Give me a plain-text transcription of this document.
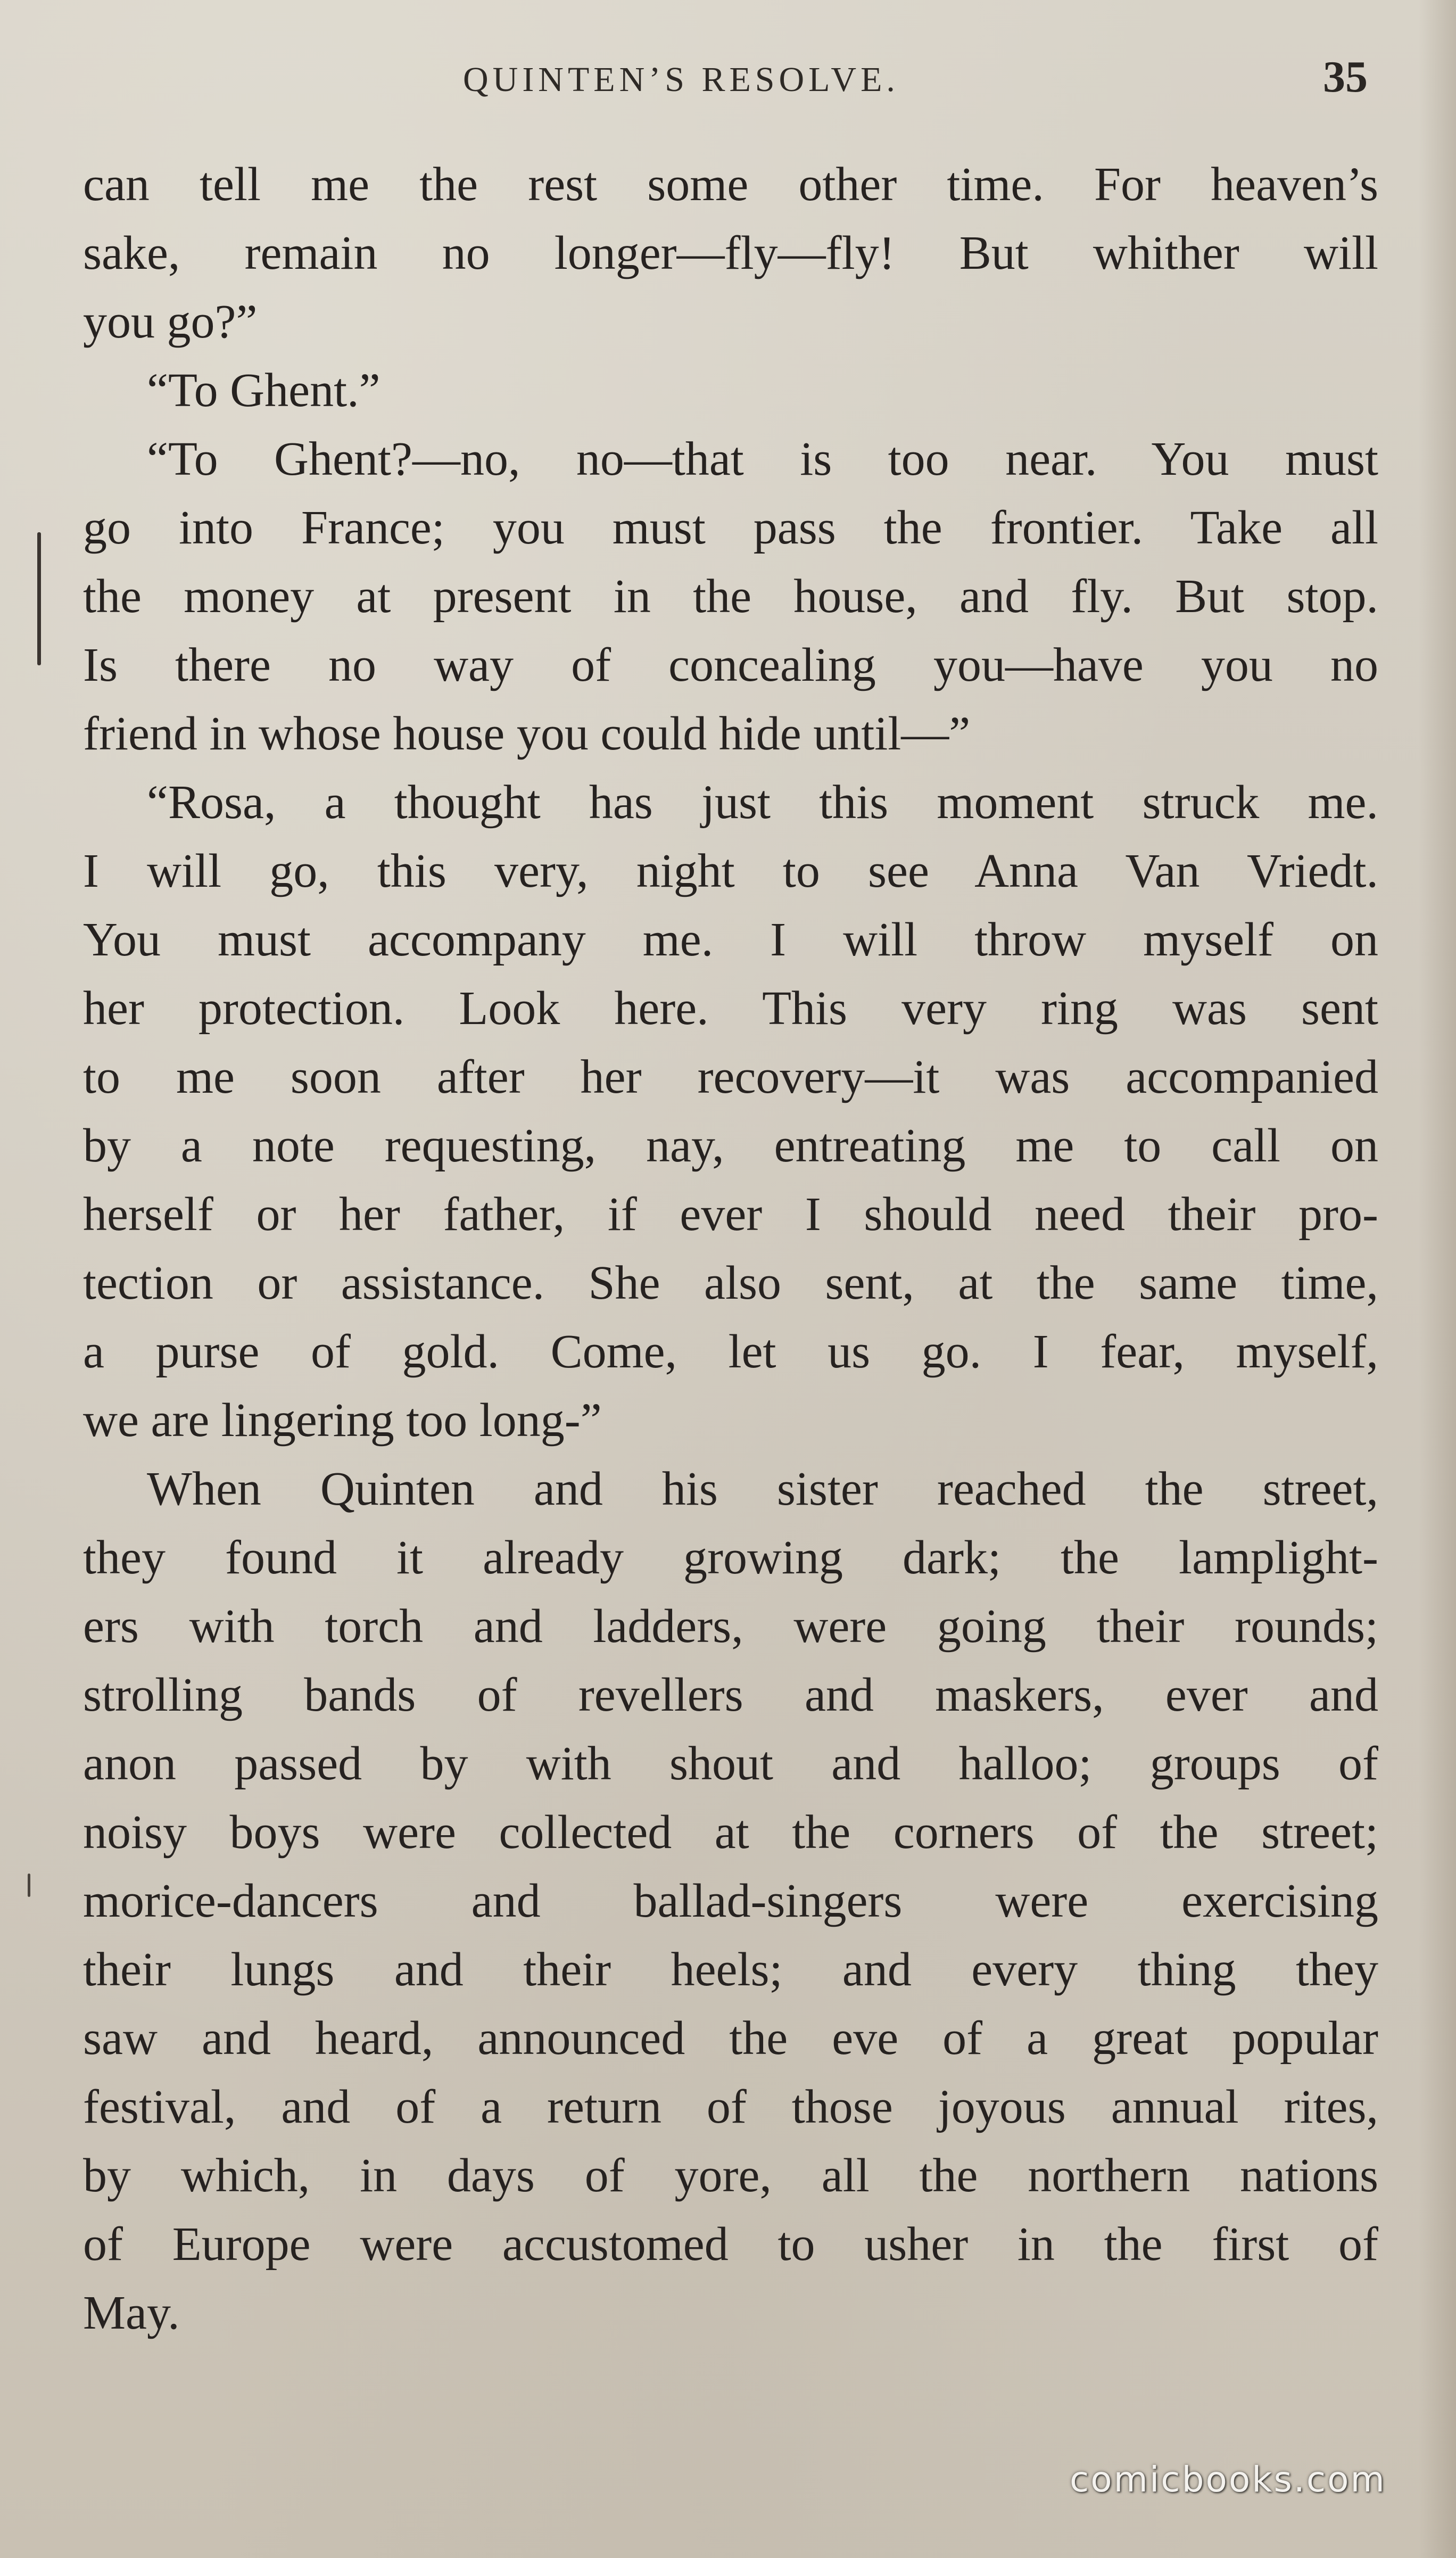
QUINTEN’S RESOLVE.	35
can tell me the rest some other time. For heaven’s
sake, remain no longer—fly—fly! But whither will
you go?”
“To Ghent.”
“To Ghent?—no, no—that is too near. You must
go into France; you must pass the frontier. Take all
the money at present in the house, and fly. But stop.
Is there no way of concealing you—have you no
friend in whose house you could hide until—”
“Rosa, a thought has just this moment struck me.
I will go, this very, night to see Anna Van Vriedt.
You must accompany me. I will throw myself on
her protection. Look here. This very ring was sent
to me soon after her recovery—it was accompanied
by a note requesting, nay, entreating me to call on
herself or her father, if ever I should need their pro-
tection or assistance. She also sent, at the same time,
a purse of gold. Come, let us go. I fear, myself,
we are lingering too long-”
When Quinten and his sister reached the street,
they found it already growing dark; the lamplight-
ers with torch and ladders, were going their rounds;
strolling bands of revellers and maskers, ever and
anon passed by with shout and halloo; groups of
noisy boys were collected at the corners of the street;
morice-dancers and ballad-singers were exercising
their lungs and their heels; and every thing they
saw and heard, announced the eve of a great popular
festival, and of a return of those joyous annual rites,
by which, in days of yore, all the northern nations
of Europe were accustomed to usher in the first of
May.
comicbooks.com
